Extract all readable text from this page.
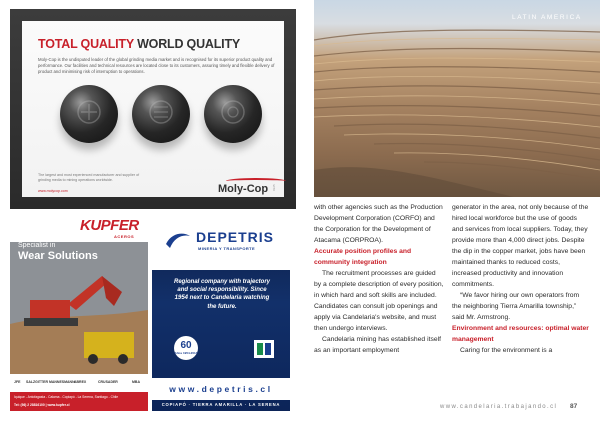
TOTAL QUALITY WORLD QUALITY
Moly-Cop is the undisputed leader of the global grinding media market and is recognised for its superior product quality and performance. Our facilities and technical resources are located close to its customers, assuring timely and flexible delivery of product and minimising risk of interruption to operations.
The largest and most experienced manufacturer and supplier of grinding media to mining operations worldwide.
www.molycop.com	Moly-Cop 0325
LATIN AMERICA
KUPFER
ACEROS
Specialist in
Wear Solutions
JFE SALZGITTER MANNESMANN ABREX	CRUSADER	MBA
Iquique - Antofagasta - Calama - Copiapó - La Serena, Santiago - Chile
Tel: (56) 2 28816100 | www.kupfer.cl
DEPETRIS
MINERIA Y TRANSPORTE
Regional company with trajectory and social responsibility. Since 1954 next to Candelaria watching the future.
60
Años 1954-2014
www.depetris.cl
COPIAPÓ · TIERRA AMARILLA · LA SERENA

with other agencies such as the Production Development Corporation (CORFO) and the Corporation for the Development of Atacama (CORPROA).

Accurate position profiles and community integration

The recruitment processes are guided by a complete description of every position, in which hard and soft skills are included. Candidates can consult job openings and apply via Candelaria's website, and must then undergo interviews.

Candelaria mining has established itself as an important employment

generator in the area, not only because of the hired local workforce but the use of goods and services from local suppliers. Today, they provide more than 4,000 direct jobs. Despite the dip in the copper market, jobs have been maintained thanks to reduced costs, increased productivity and innovation commitments.

“We favor hiring our own operators from the neighboring Tierra Amarilla township,” said Mr. Armstrong.

Environment and resources: optimal water management

Caring for the environment is a

www.candelaria.trabajando.cl 87
